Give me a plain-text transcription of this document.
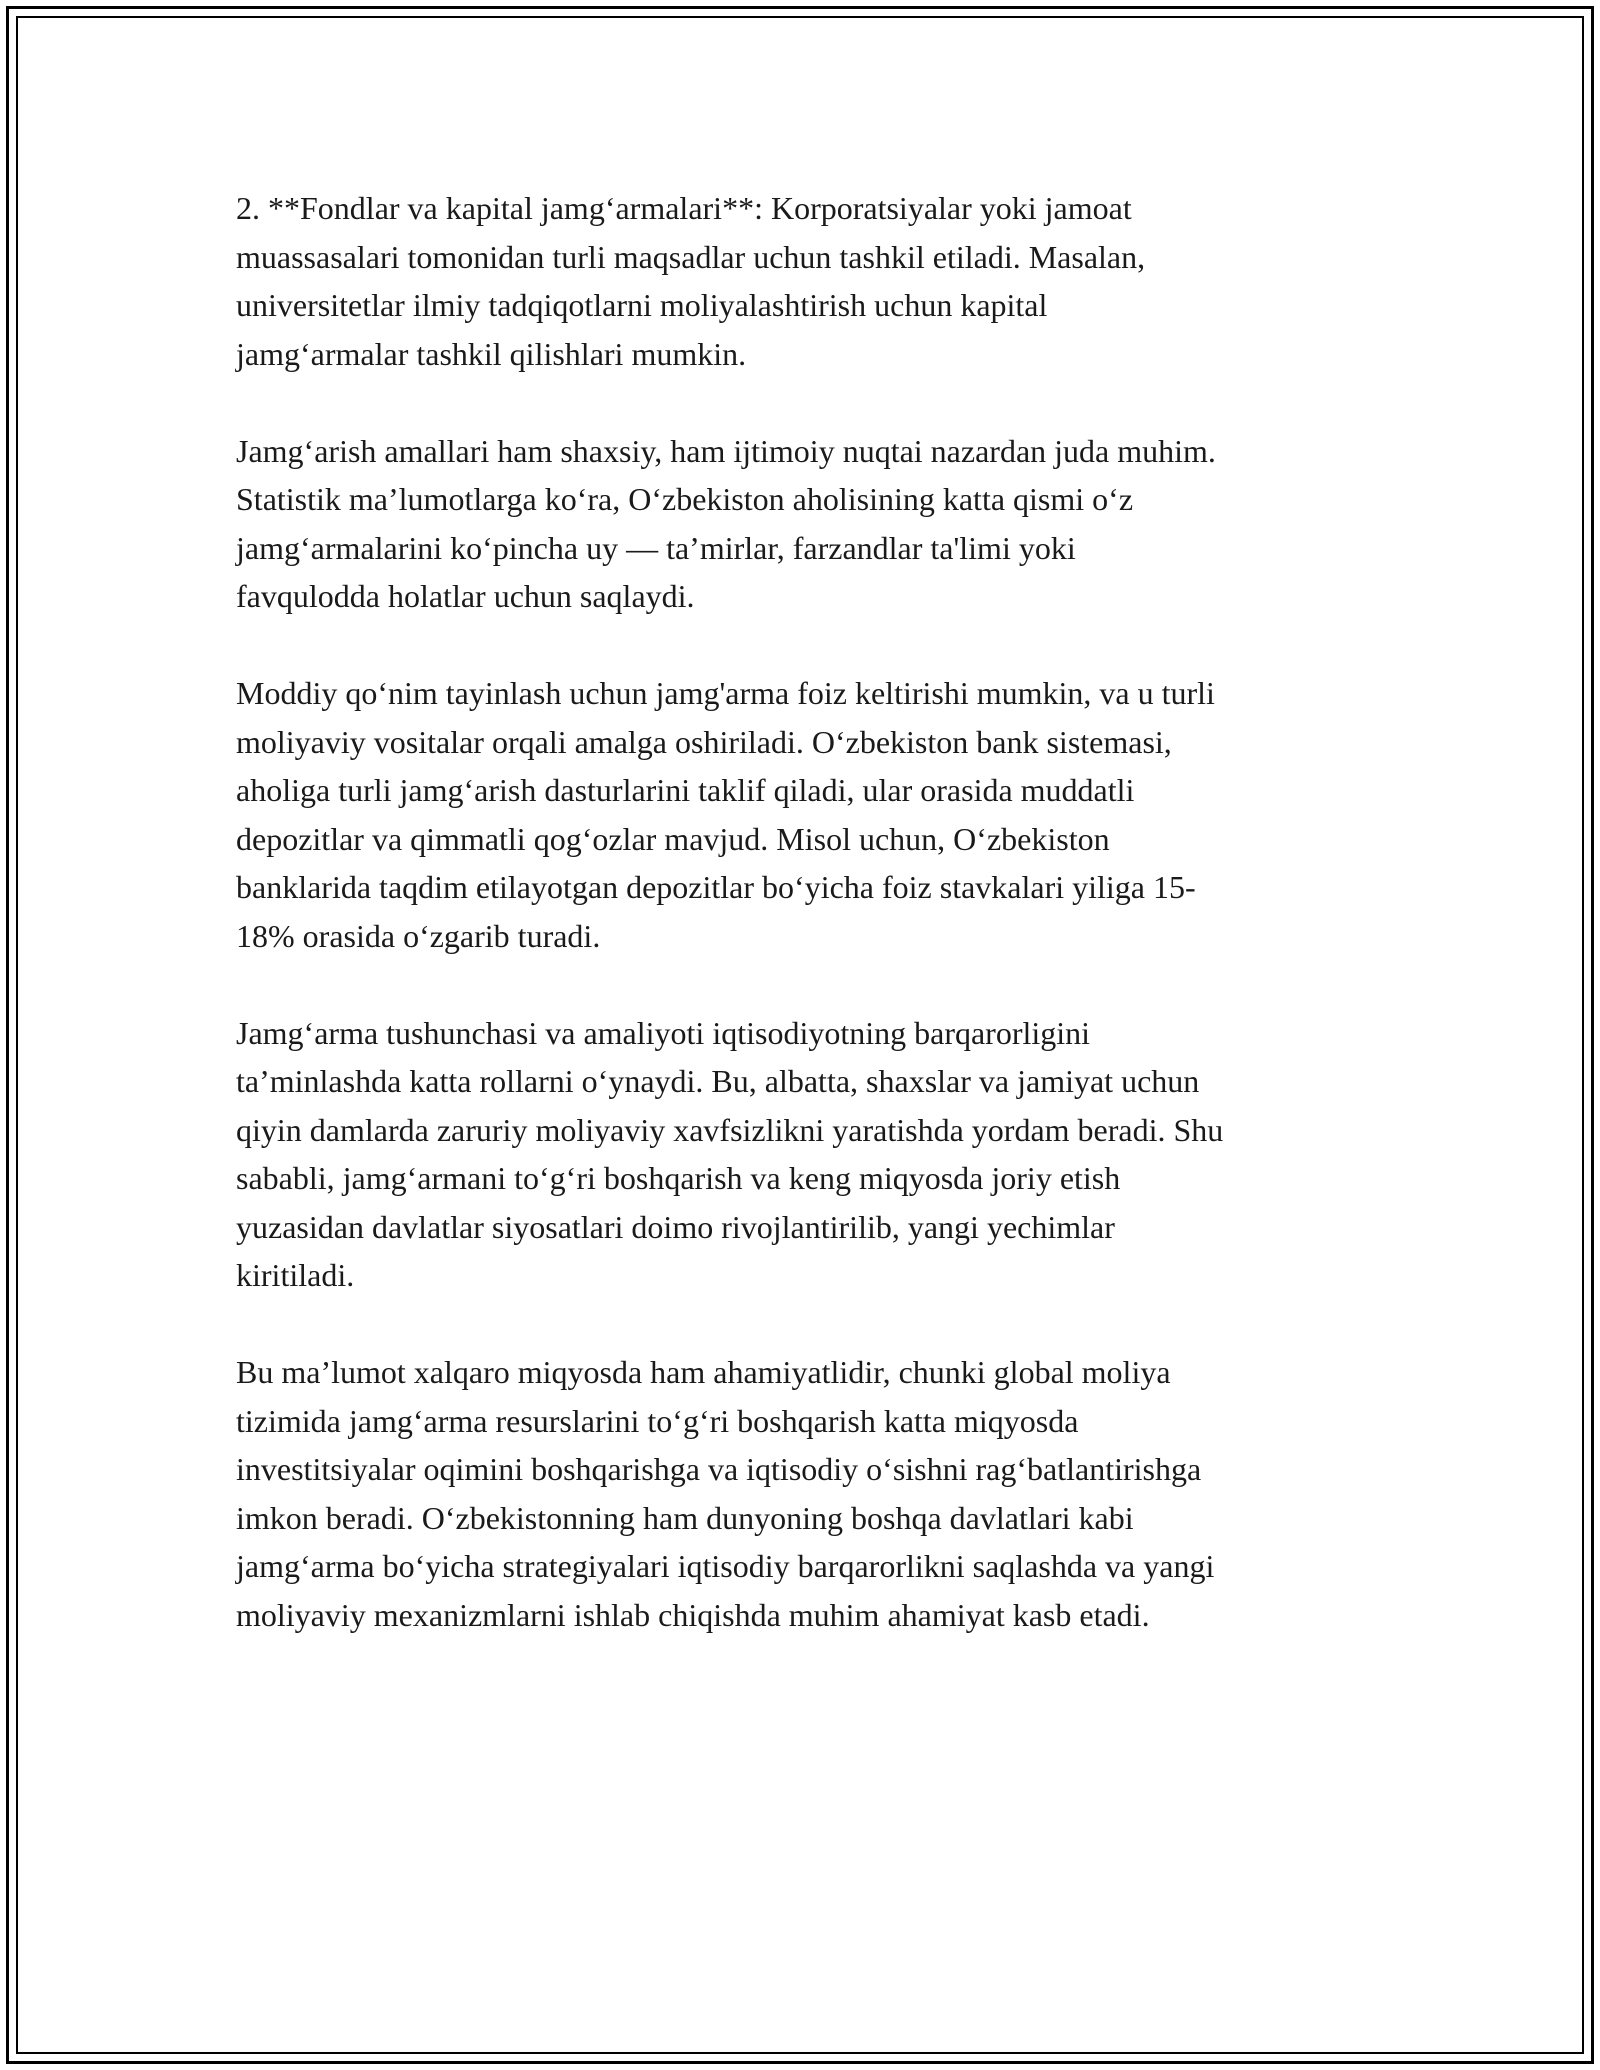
2. **Fondlar va kapital jamg‘armalari**: Korporatsiyalar yoki jamoat
muassasalari tomonidan turli maqsadlar uchun tashkil etiladi. Masalan,
universitetlar ilmiy tadqiqotlarni moliyalashtirish uchun kapital
jamg‘armalar tashkil qilishlari mumkin.

Jamg‘arish amallari ham shaxsiy, ham ijtimoiy nuqtai nazardan juda muhim.
Statistik ma’lumotlarga ko‘ra, O‘zbekiston aholisining katta qismi o‘z
jamg‘armalarini ko‘pincha uy — ta’mirlar, farzandlar ta'limi yoki
favqulodda holatlar uchun saqlaydi.

Moddiy qo‘nim tayinlash uchun jamg'arma foiz keltirishi mumkin, va u turli
moliyaviy vositalar orqali amalga oshiriladi. O‘zbekiston bank sistemasi,
aholiga turli jamg‘arish dasturlarini taklif qiladi, ular orasida muddatli
depozitlar va qimmatli qog‘ozlar mavjud. Misol uchun, O‘zbekiston
banklarida taqdim etilayotgan depozitlar bo‘yicha foiz stavkalari yiliga 15-
18% orasida o‘zgarib turadi.

Jamg‘arma tushunchasi va amaliyoti iqtisodiyotning barqarorligini
ta’minlashda katta rollarni o‘ynaydi. Bu, albatta, shaxslar va jamiyat uchun
qiyin damlarda zaruriy moliyaviy xavfsizlikni yaratishda yordam beradi. Shu
sababli, jamg‘armani to‘g‘ri boshqarish va keng miqyosda joriy etish
yuzasidan davlatlar siyosatlari doimo rivojlantirilib, yangi yechimlar
kiritiladi.

Bu ma’lumot xalqaro miqyosda ham ahamiyatlidir, chunki global moliya
tizimida jamg‘arma resurslarini to‘g‘ri boshqarish katta miqyosda
investitsiyalar oqimini boshqarishga va iqtisodiy o‘sishni rag‘batlantirishga
imkon beradi. O‘zbekistonning ham dunyoning boshqa davlatlari kabi
jamg‘arma bo‘yicha strategiyalari iqtisodiy barqarorlikni saqlashda va yangi
moliyaviy mexanizmlarni ishlab chiqishda muhim ahamiyat kasb etadi.
